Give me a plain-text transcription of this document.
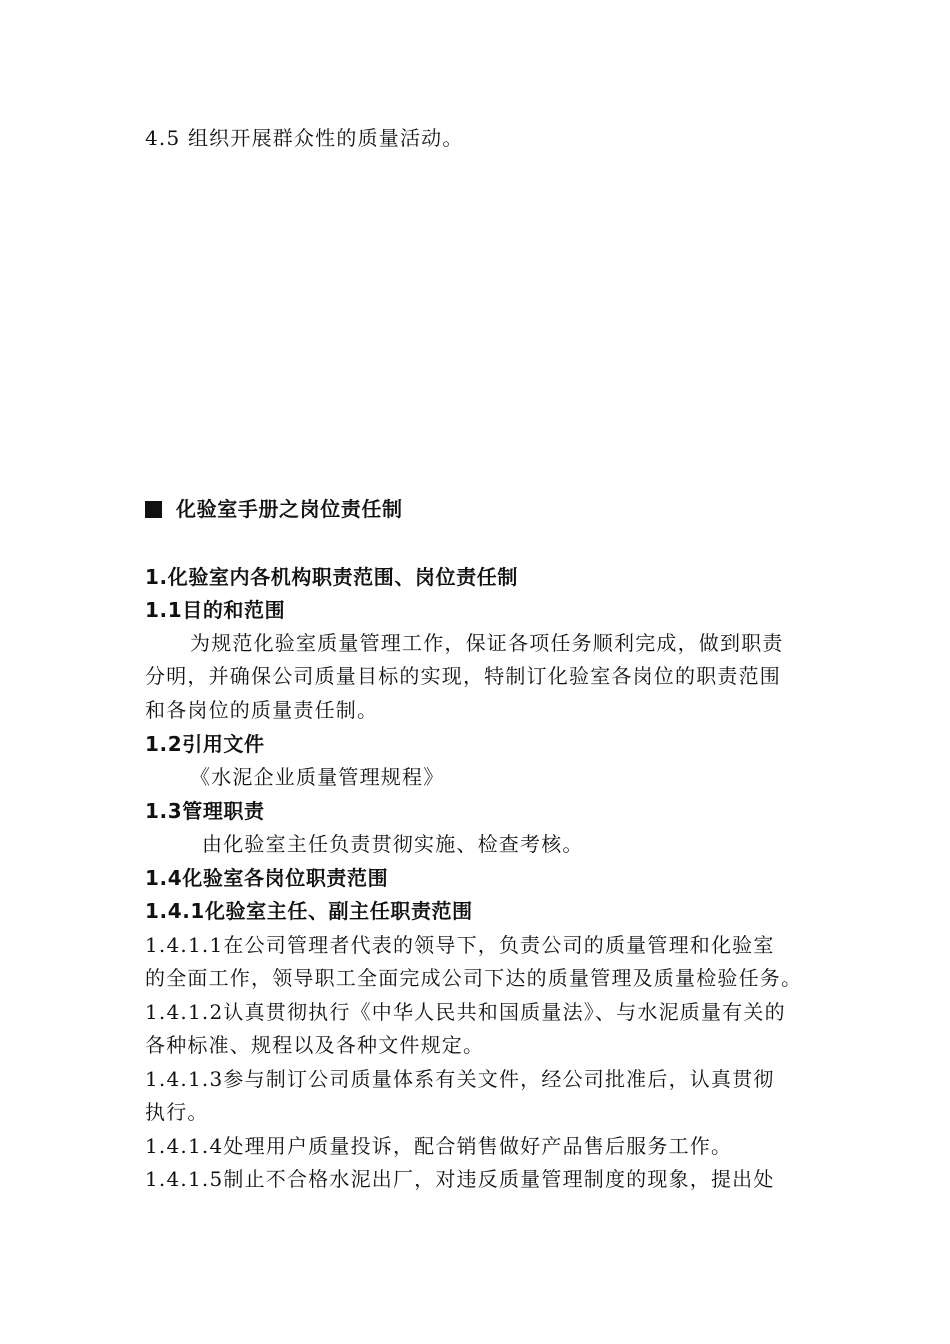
4.5 组织开展群众性的质量活动。
化验室手册之岗位责任制
1.化验室内各机构职责范围、岗位责任制
1.1目的和范围
为规范化验室质量管理工作，保证各项任务顺利完成，做到职责
分明，并确保公司质量目标的实现，特制订化验室各岗位的职责范围
和各岗位的质量责任制。
1.2引用文件
《水泥企业质量管理规程》
1.3管理职责
由化验室主任负责贯彻实施、检查考核。
1.4化验室各岗位职责范围
1.4.1化验室主任、副主任职责范围
1.4.1.1在公司管理者代表的领导下，负责公司的质量管理和化验室
的全面工作，领导职工全面完成公司下达的质量管理及质量检验任务。
1.4.1.2认真贯彻执行《中华人民共和国质量法》、与水泥质量有关的
各种标准、规程以及各种文件规定。
1.4.1.3参与制订公司质量体系有关文件，经公司批准后，认真贯彻
执行。
1.4.1.4处理用户质量投诉，配合销售做好产品售后服务工作。
1.4.1.5制止不合格水泥出厂，对违反质量管理制度的现象，提出处
